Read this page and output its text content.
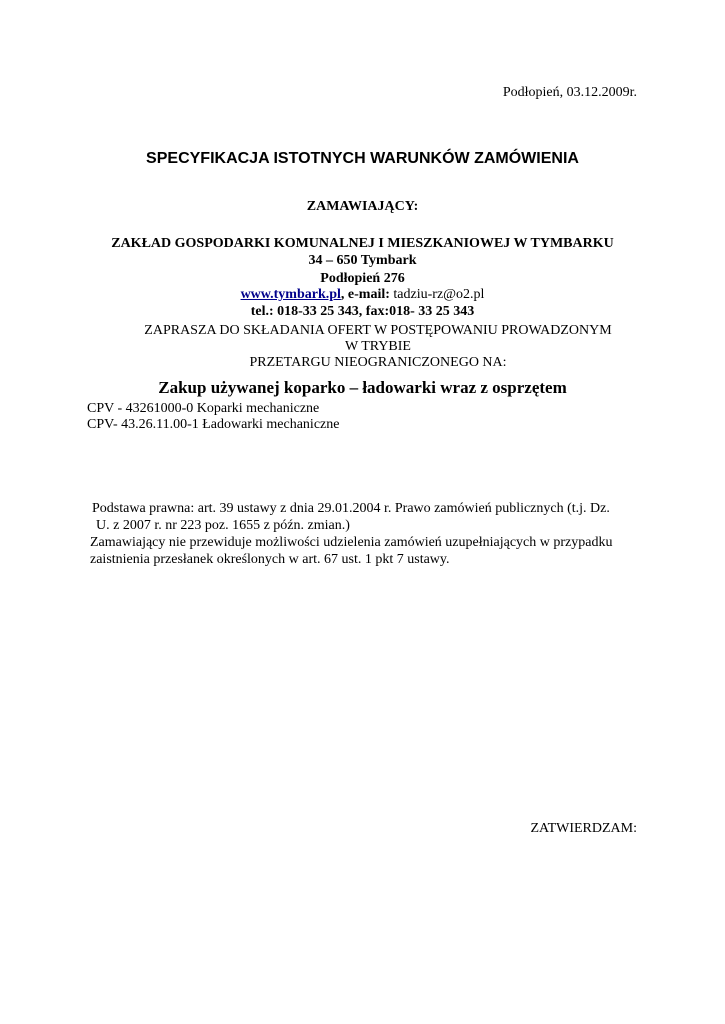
Podłopień, 03.12.2009r.
SPECYFIKACJA ISTOTNYCH WARUNKÓW ZAMÓWIENIA
ZAMAWIAJĄCY:
ZAKŁAD GOSPODARKI KOMUNALNEJ I MIESZKANIOWEJ W TYMBARKU
34 – 650 Tymbark
Podłopień 276
www.tymbark.pl, e-mail: tadziu-rz@o2.pl
tel.: 018-33 25 343, fax:018- 33 25 343
ZAPRASZA DO SKŁADANIA OFERT W POSTĘPOWANIU PROWADZONYM
W TRYBIE
PRZETARGU NIEOGRANICZONEGO NA:
Zakup używanej koparko – ładowarki wraz z osprzętem
CPV - 43261000-0 Koparki mechaniczne
CPV- 43.26.11.00-1 Ładowarki mechaniczne

Podstawa prawna: art. 39 ustawy z dnia 29.01.2004 r. Prawo zamówień publicznych (t.j. Dz.
U. z 2007 r. nr 223 poz. 1655 z późn. zmian.)

Zamawiający nie przewiduje możliwości udzielenia zamówień uzupełniających w przypadku zaistnienia przesłanek określonych w art. 67 ust. 1 pkt 7 ustawy.

ZATWIERDZAM:
